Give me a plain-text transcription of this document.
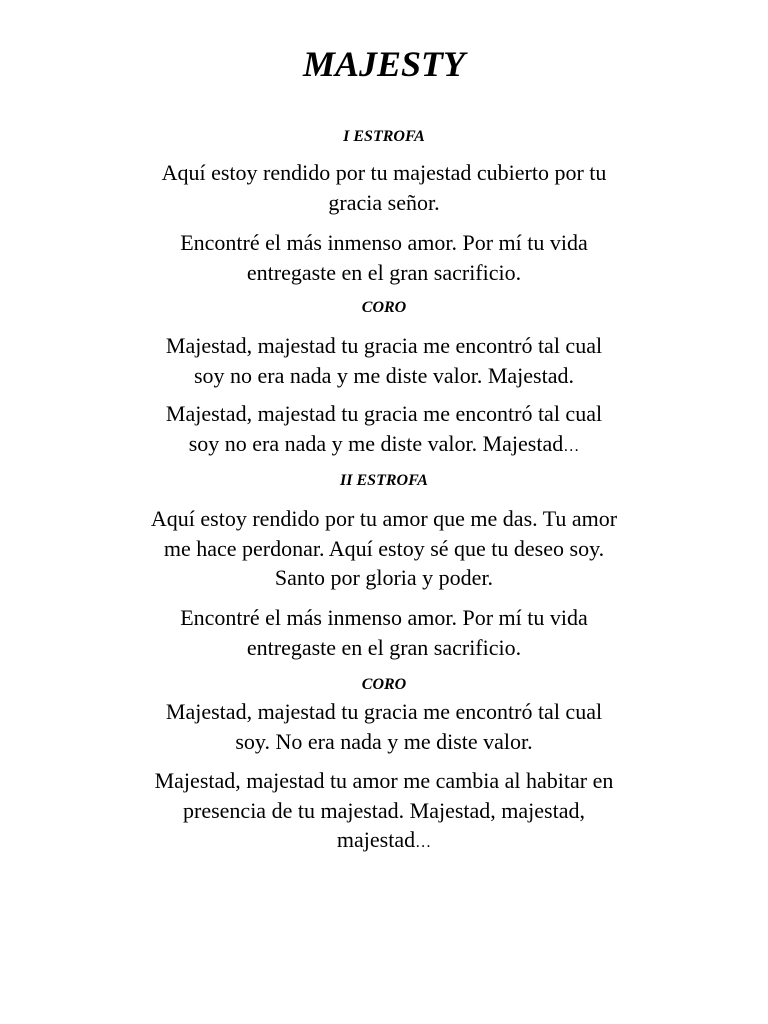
MAJESTY
I ESTROFA

Aquí estoy rendido por tu majestad cubierto por tu
gracia señor.

Encontré el más inmenso amor. Por mí tu vida
entregaste en el gran sacrificio.

CORO

Majestad, majestad tu gracia me encontró tal cual
soy no era nada y me diste valor. Majestad.

Majestad, majestad tu gracia me encontró tal cual
soy no era nada y me diste valor. Majestad…

II ESTROFA

Aquí estoy rendido por tu amor que me das. Tu amor
me hace perdonar. Aquí estoy sé que tu deseo soy.
Santo por gloria y poder.

Encontré el más inmenso amor. Por mí tu vida
entregaste en el gran sacrificio.

CORO

Majestad, majestad tu gracia me encontró tal cual
soy. No era nada y me diste valor.

Majestad, majestad tu amor me cambia al habitar en
presencia de tu majestad. Majestad, majestad,
majestad…
